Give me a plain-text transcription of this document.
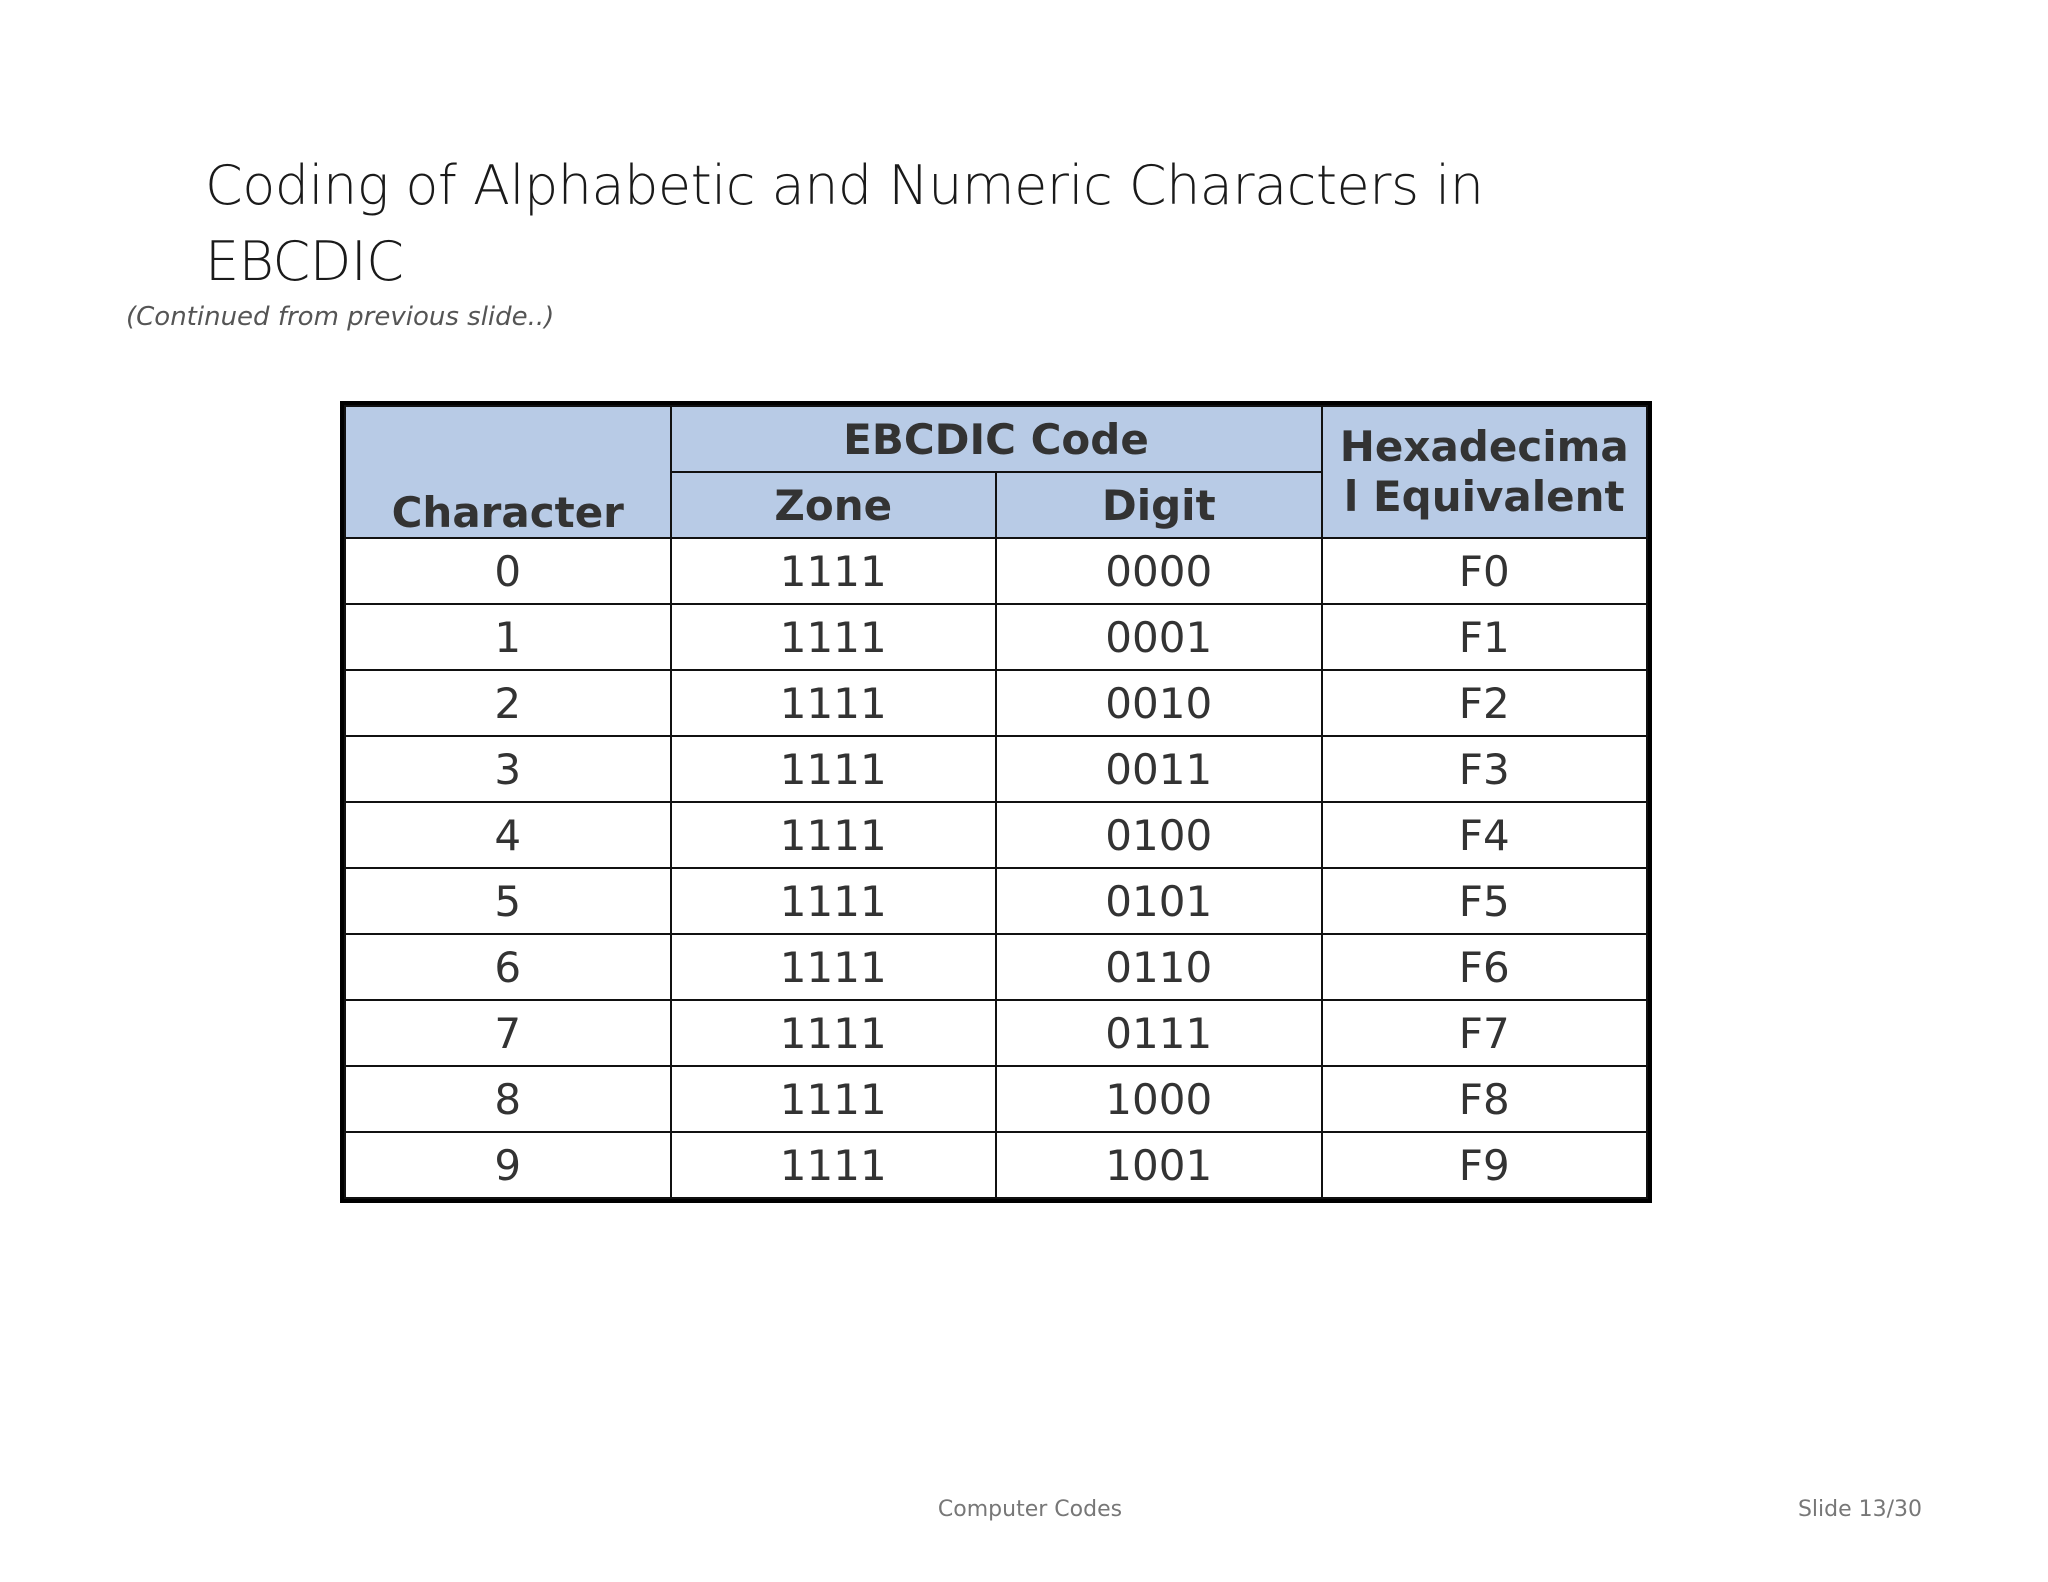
Coding of Alphabetic and Numeric Characters in
EBCDIC
(Continued from previous slide..)
Character	EBCDIC Code		Hexadecima
l Equivalent

	Zone	Digit	
0	1111	0000	F0
1	1111	0001	F1
2	1111	0010	F2
3	1111	0011	F3
4	1111	0100	F4
5	1111	0101	F5
6	1111	0110	F6
7	1111	0111	F7
8	1111	1000	F8
9	1111	1001	F9
Computer Codes	Slide 13/30
